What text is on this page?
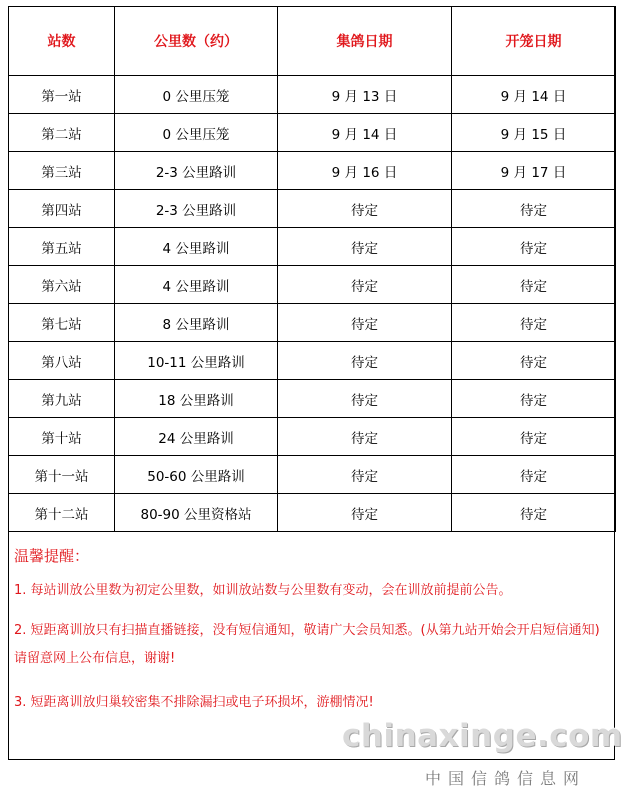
站数	公里数（约）	集鸽日期	开笼日期
第一站	0 公里压笼	9 月 13 日	9 月 14 日
第二站	0 公里压笼	9 月 14 日	9 月 15 日
第三站	2-3 公里路训	9 月 16 日	9 月 17 日
第四站	2-3 公里路训	待定	待定
第五站	4 公里路训	待定	待定
第六站	4 公里路训	待定	待定
第七站	8 公里路训	待定	待定
第八站	10-11 公里路训	待定	待定
第九站	18 公里路训	待定	待定
第十站	24 公里路训	待定	待定
第十一站	50-60 公里路训	待定	待定
第十二站	80-90 公里资格站	待定	待定
温馨提醒：
1. 每站训放公里数为初定公里数，如训放站数与公里数有变动，会在训放前提前公告。
2. 短距离训放只有扫描直播链接，没有短信通知，敬请广大会员知悉。(从第九站开始会开启短信通知)请留意网上公布信息，谢谢!
3. 短距离训放归巢较密集不排除漏扫或电子环损坏，游棚情况!
chinaxinge.com
中国信鸽信息网
